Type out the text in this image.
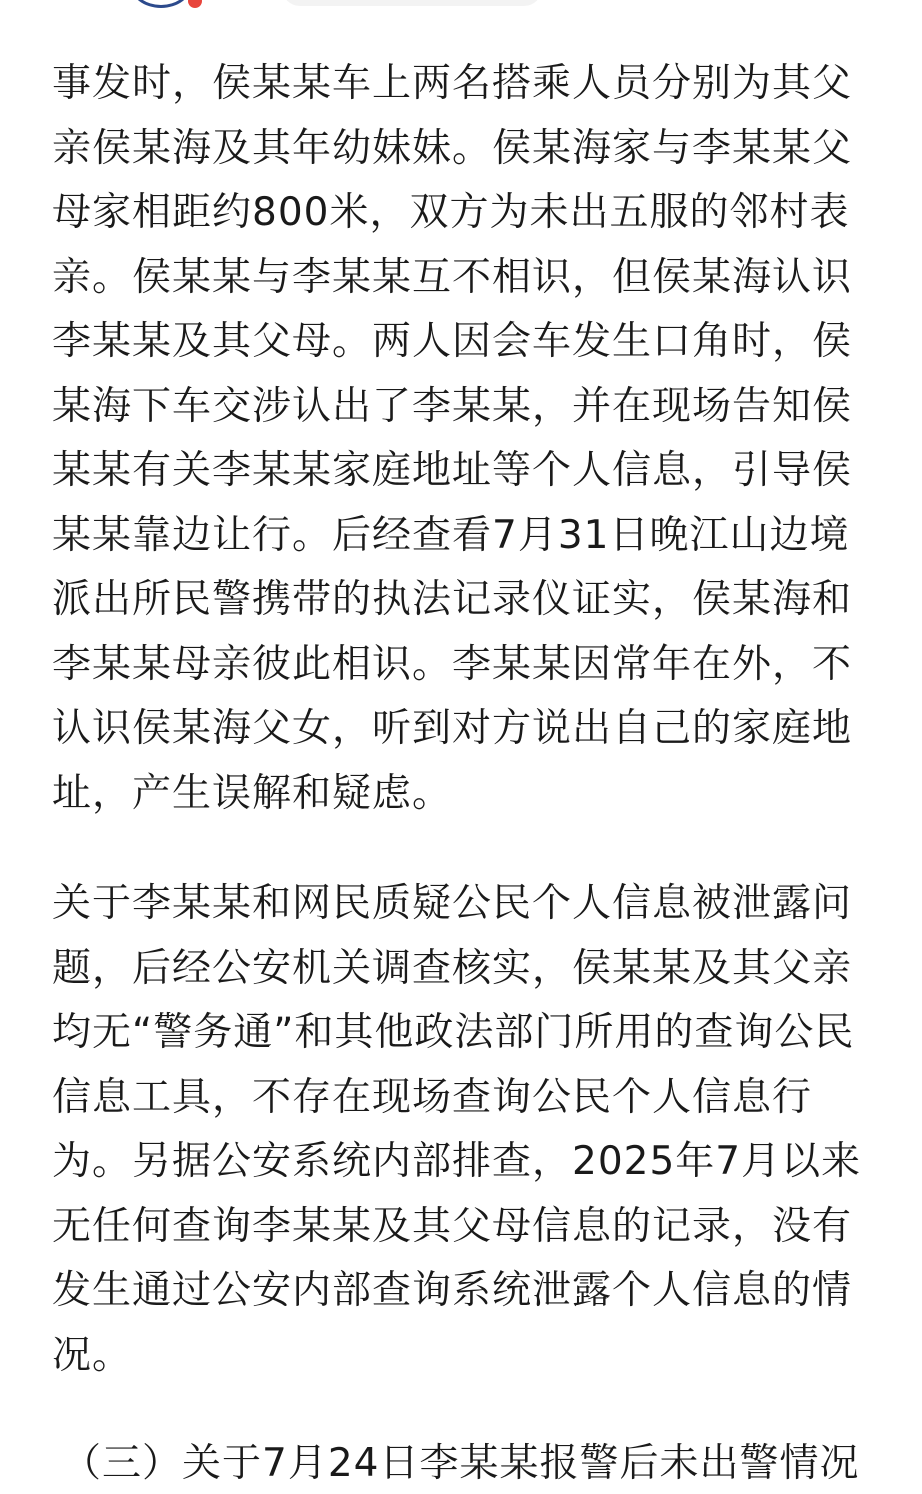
事发时，侯某某车上两名搭乘人员分别为其父亲侯某海及其年幼妹妹。侯某海家与李某某父母家相距约800米，双方为未出五服的邻村表亲。侯某某与李某某互不相识，但侯某海认识李某某及其父母。两人因会车发生口角时，侯某海下车交涉认出了李某某，并在现场告知侯某某有关李某某家庭地址等个人信息，引导侯某某靠边让行。后经查看7月31日晚江山边境派出所民警携带的执法记录仪证实，侯某海和李某某母亲彼此相识。李某某因常年在外，不认识侯某海父女，听到对方说出自己的家庭地址，产生误解和疑虑。

关于李某某和网民质疑公民个人信息被泄露问题，后经公安机关调查核实，侯某某及其父亲均无“警务通”和其他政法部门所用的查询公民信息工具，不存在现场查询公民个人信息行为。另据公安系统内部排查，2025年7月以来无任何查询李某某及其父母信息的记录，没有发生通过公安内部查询系统泄露个人信息的情况。

（三）关于7月24日李某某报警后未出警情况
